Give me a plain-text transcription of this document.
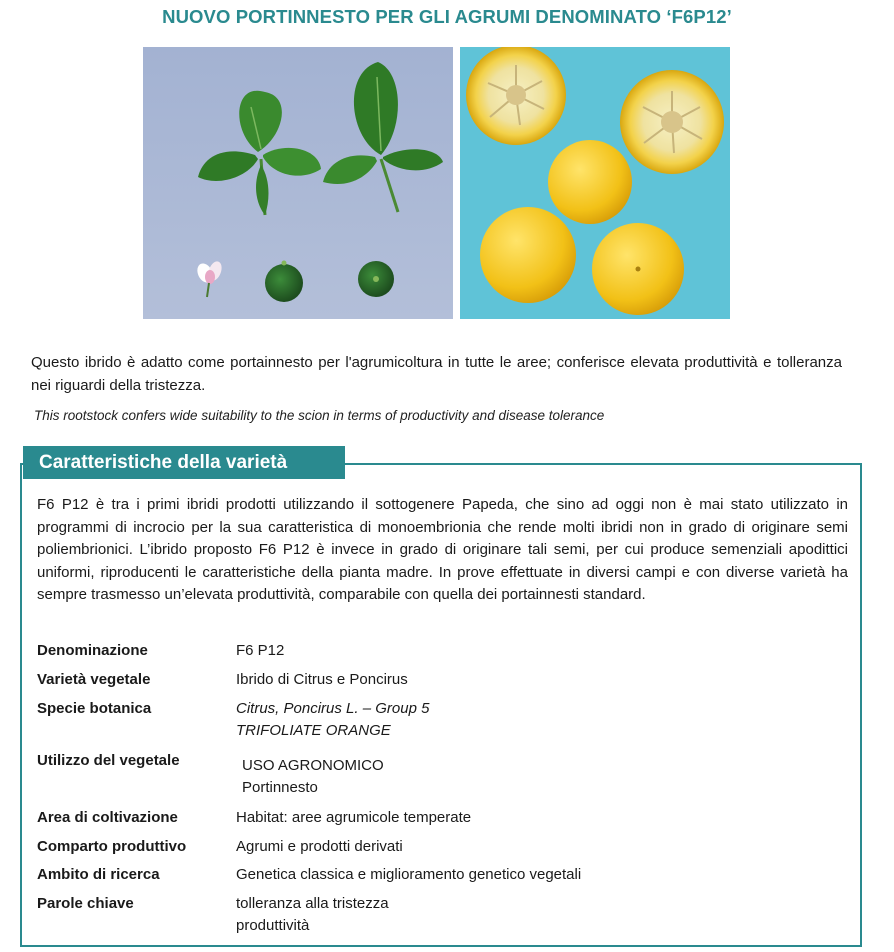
NUOVO PORTINNESTO PER GLI AGRUMI DENOMINATO ‘F6P12’
Questo ibrido è adatto come portainnesto per l'agrumicoltura in tutte le aree; conferisce elevata produttività e tolleranza nei riguardi della tristezza.
This rootstock confers wide suitability to the scion in terms of productivity and disease tolerance
Caratteristiche della varietà
F6 P12 è tra i primi ibridi prodotti utilizzando il sottogenere Papeda, che sino ad oggi non è mai stato utilizzato in programmi di incrocio per la sua caratteristica di monoembrionia che rende molti ibridi non in grado di originare semi poliembrionici. L’ibrido proposto F6 P12 è invece in grado di originare tali semi, per cui produce semenziali apodittici uniformi, riproducenti le caratteristiche della pianta madre. In prove effettuate in diversi campi e con diverse varietà ha sempre trasmesso un’elevata produttività, comparabile con quella dei portainnesti standard.
Denominazione	F6 P12
Varietà vegetale	Ibrido di Citrus e Poncirus
Specie botanica	Citrus, Poncirus L. – Group 5
TRIFOLIATE ORANGE
Utilizzo del vegetale	USO AGRONOMICO
Portinnesto
Area di coltivazione	Habitat: aree agrumicole temperate
Comparto produttivo	Agrumi e prodotti derivati
Ambito di ricerca	Genetica classica e miglioramento genetico vegetali
Parole chiave	tolleranza alla tristezza
produttività
